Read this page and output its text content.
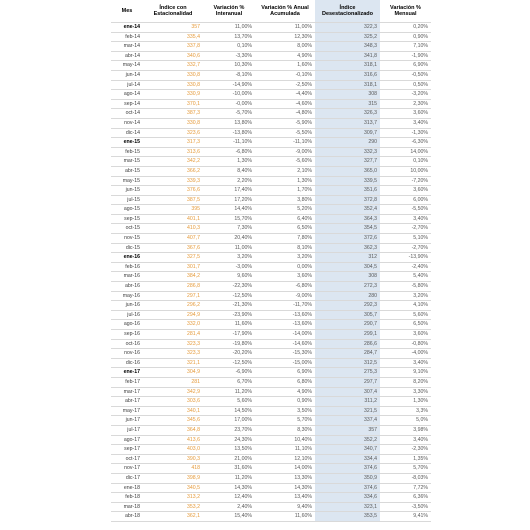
Mes	Índice con Estacionalidad	Variación % Interanual	Variación % Anual Acumulada	Índice Desestacionalizado	Variación % Mensual
ene-14	357	11,00%	11,00%	322,3	0,20%
feb-14	335,4	13,70%	12,30%	325,2	0,90%
mar-14	337,8	0,10%	8,00%	348,3	7,10%
abr-14	340,6	-3,30%	4,90%	341,8	-1,90%
may-14	332,7	10,30%	1,60%	318,1	6,90%
jun-14	330,8	-8,10%	-0,10%	316,6	-0,50%
jul-14	330,8	-14,90%	-2,50%	318,1	0,50%
ago-14	330,9	-10,00%	-4,40%	308	-3,20%
sep-14	370,1	-0,00%	-4,60%	315	2,30%
oct-14	387,3	-5,70%	-4,80%	326,3	3,60%
nov-14	330,8	13,80%	-5,90%	313,7	3,40%
dic-14	323,6	-13,80%	-5,50%	309,7	-1,30%
ene-15	317,3	-11,10%	-11,10%	290	-6,30%
feb-15	313,6	-6,80%	-9,00%	332,3	14,00%
mar-15	342,2	1,30%	-5,60%	327,7	0,10%
abr-15	366,2	8,40%	2,10%	365,0	10,00%
may-15	339,3	2,20%	1,30%	339,5	-7,20%
jun-15	376,6	17,40%	1,70%	351,6	3,60%
jul-15	387,5	17,20%	3,80%	372,8	6,00%
ago-15	395	14,40%	5,20%	352,4	-5,50%
sep-15	401,1	15,70%	6,40%	364,3	3,40%
oct-15	410,3	7,30%	6,50%	354,5	-2,70%
nov-15	407,7	20,40%	7,80%	372,6	5,10%
dic-15	367,6	11,00%	8,10%	362,3	-2,70%
ene-16	327,5	3,20%	3,20%	312	-13,90%
feb-16	301,7	-3,00%	0,00%	304,5	-2,40%
mar-16	384,2	9,60%	3,60%	308	5,40%
abr-16	286,8	-22,30%	-6,80%	272,3	-5,80%
may-16	297,1	-12,50%	-9,00%	280	3,20%
jun-16	296,2	-21,30%	-11,70%	292,3	4,10%
jul-16	294,9	-23,90%	-13,60%	305,7	5,60%
ago-16	332,0	11,60%	-13,60%	290,7	6,50%
sep-16	281,4	-17,90%	-14,00%	299,1	3,60%
oct-16	323,3	-19,80%	-14,60%	286,6	-0,80%
nov-16	323,3	-20,20%	-15,30%	284,7	-4,00%
dic-16	321,1	-12,50%	-15,00%	312,5	3,40%
ene-17	304,9	-6,90%	6,90%	275,3	9,10%
feb-17	281	6,70%	6,80%	297,7	8,20%
mar-17	342,9	11,20%	4,90%	307,4	3,30%
abr-17	303,6	5,60%	0,90%	311,2	1,30%
may-17	340,1	14,50%	3,50%	321,5	3,3%
jun-17	345,6	17,00%	5,70%	337,4	5,0%
jul-17	364,8	23,70%	8,30%	357	3,98%
ago-17	413,6	24,30%	10,40%	352,2	3,40%
sep-17	403,0	13,50%	11,10%	340,7	-2,30%
oct-17	390,3	21,00%	12,10%	334,4	1,35%
nov-17	418	31,60%	14,00%	374,6	5,70%
dic-17	398,9	11,20%	13,30%	350,9	-8,03%
ene-18	340,5	14,30%	14,30%	374,6	7,72%
feb-18	313,2	12,40%	13,40%	334,6	6,36%
mar-18	353,2	2,40%	9,40%	323,1	-3,50%
abr-18	362,1	15,40%	11,60%	353,5	9,41%
